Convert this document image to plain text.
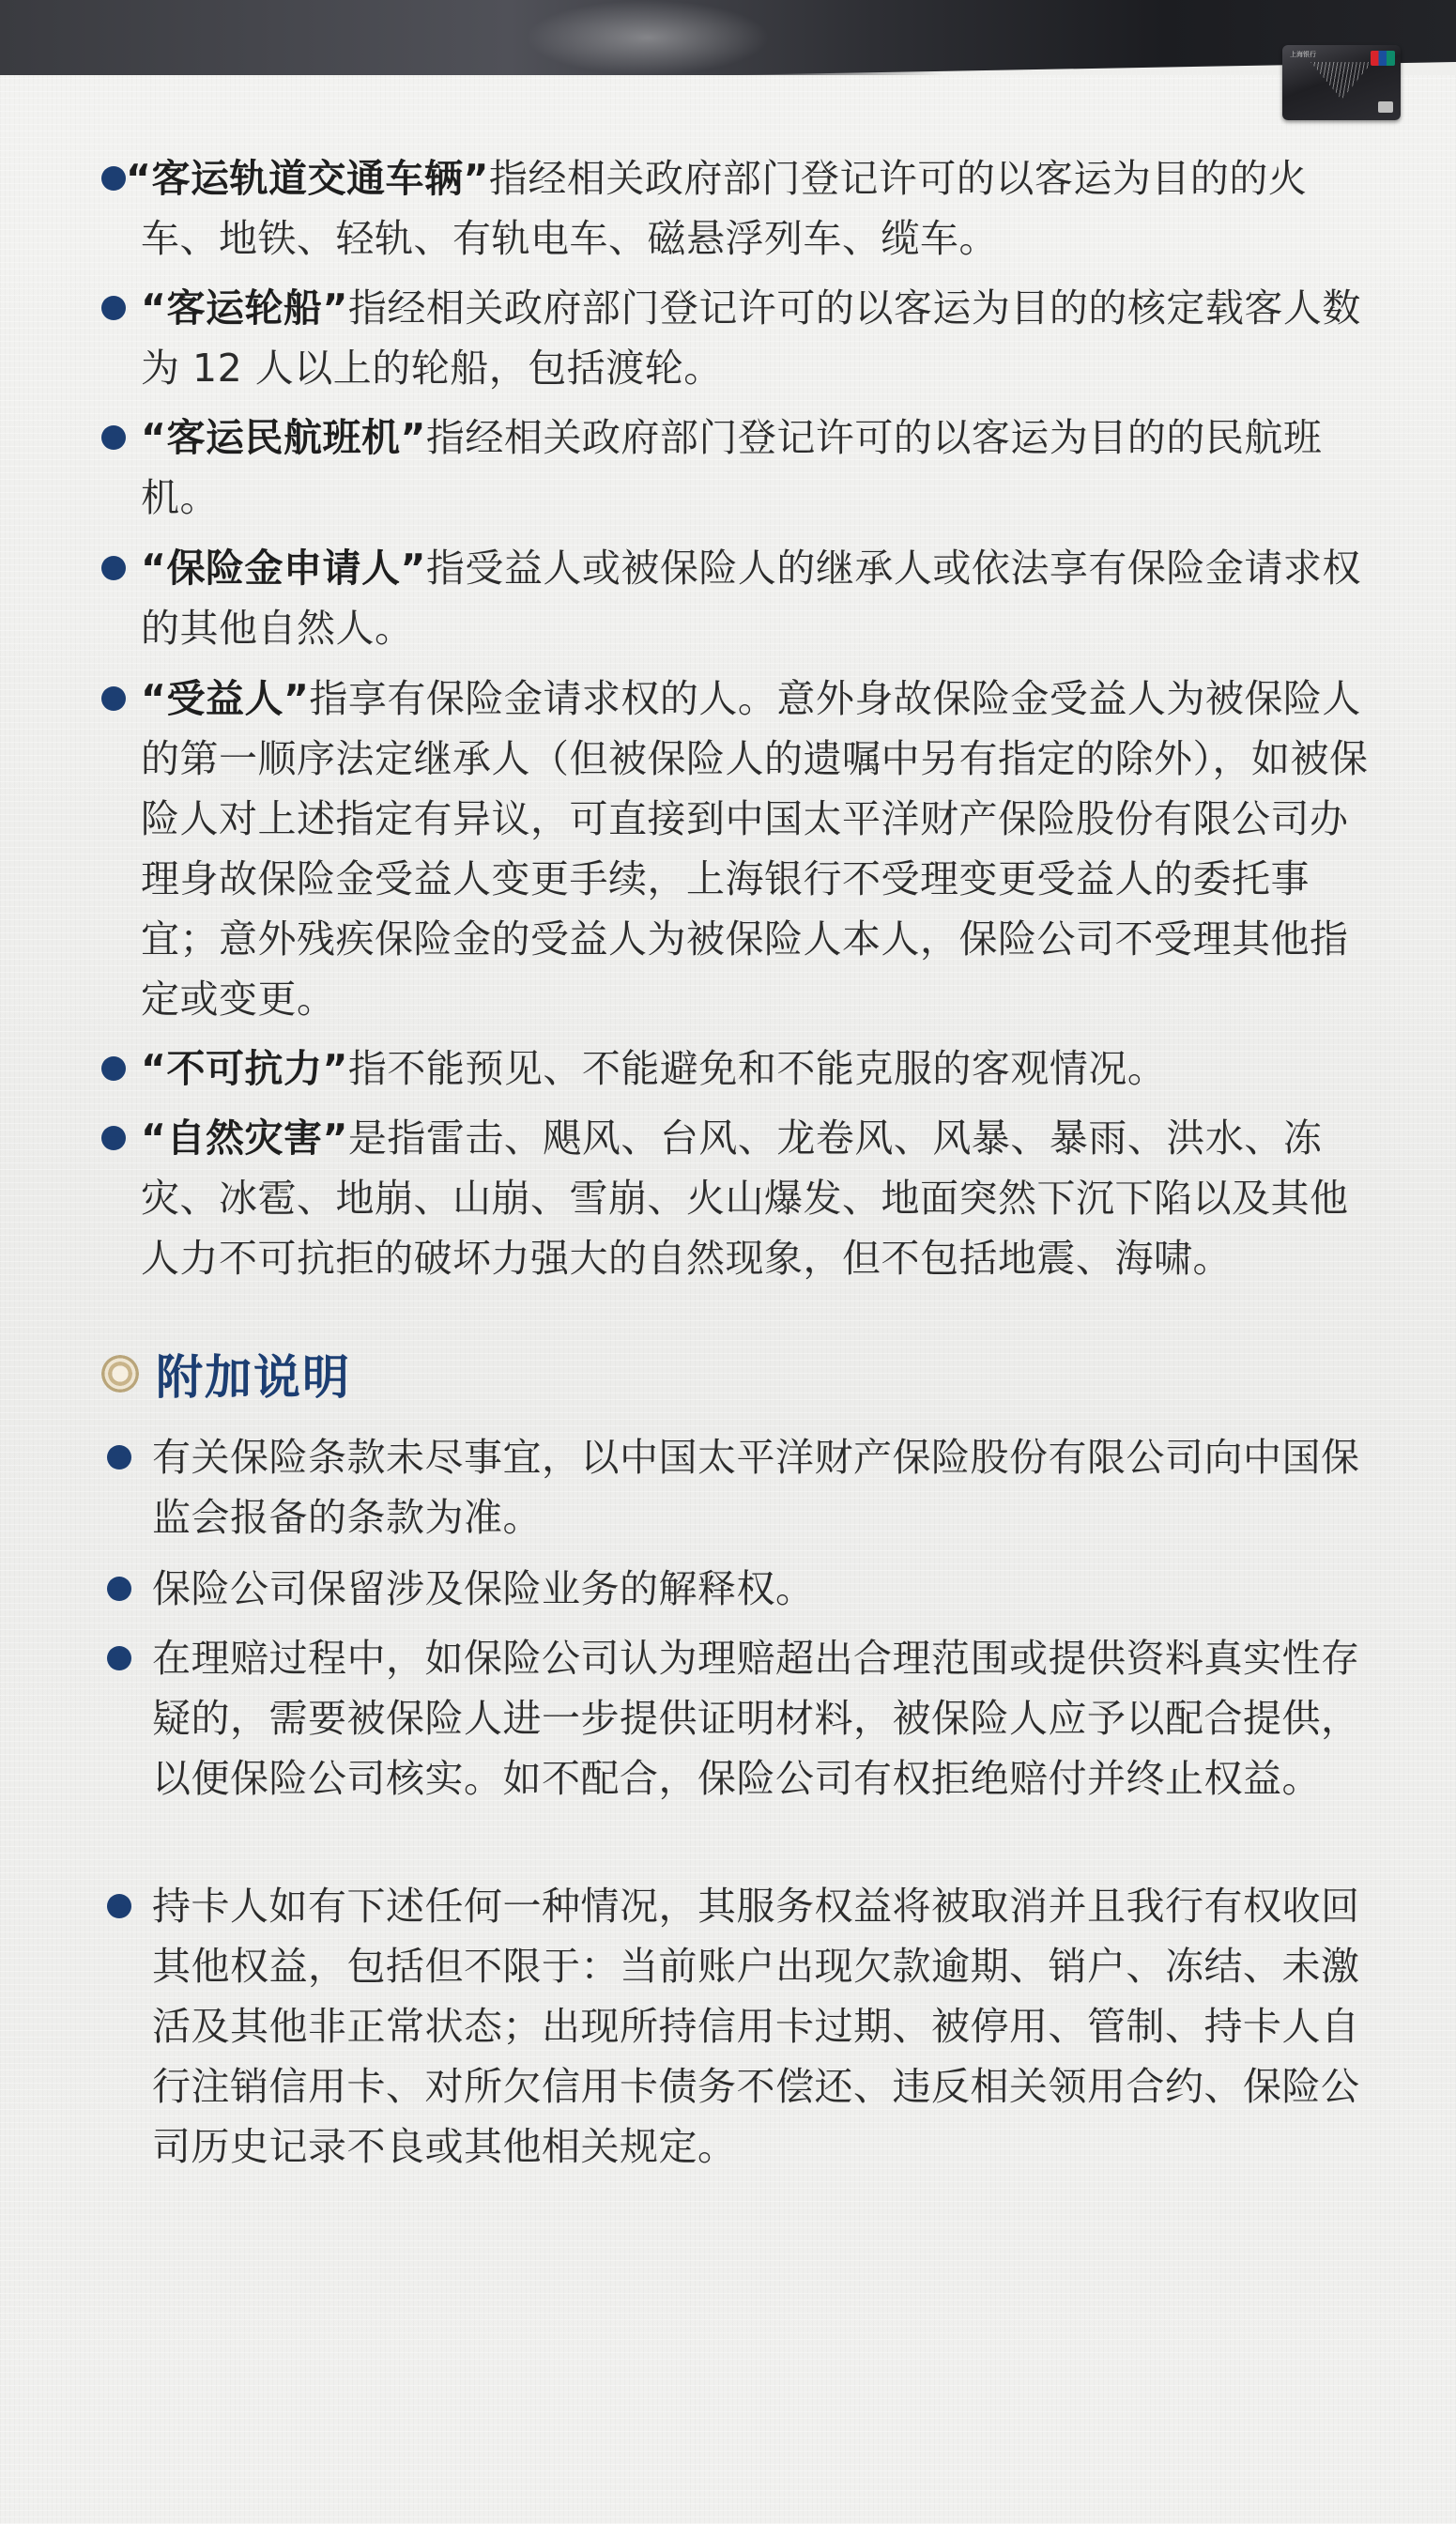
上海银行
“客运轨道交通车辆”指经相关政府部门登记许可的以客运为目的的火车、地铁、轻轨、有轨电车、磁悬浮列车、缆车。
“客运轮船”指经相关政府部门登记许可的以客运为目的的核定载客人数为 12 人以上的轮船，包括渡轮。
“客运民航班机”指经相关政府部门登记许可的以客运为目的的民航班机。
“保险金申请人”指受益人或被保险人的继承人或依法享有保险金请求权的其他自然人。
“受益人”指享有保险金请求权的人。意外身故保险金受益人为被保险人的第一顺序法定继承人（但被保险人的遗嘱中另有指定的除外），如被保险人对上述指定有异议，可直接到中国太平洋财产保险股份有限公司办理身故保险金受益人变更手续，上海银行不受理变更受益人的委托事宜；意外残疾保险金的受益人为被保险人本人，保险公司不受理其他指定或变更。
“不可抗力”指不能预见、不能避免和不能克服的客观情况。
“自然灾害”是指雷击、飓风、台风、龙卷风、风暴、暴雨、洪水、冻灾、冰雹、地崩、山崩、雪崩、火山爆发、地面突然下沉下陷以及其他人力不可抗拒的破坏力强大的自然现象，但不包括地震、海啸。
附加说明
有关保险条款未尽事宜，以中国太平洋财产保险股份有限公司向中国保监会报备的条款为准。
保险公司保留涉及保险业务的解释权。
在理赔过程中，如保险公司认为理赔超出合理范围或提供资料真实性存疑的，需要被保险人进一步提供证明材料，被保险人应予以配合提供，以便保险公司核实。如不配合，保险公司有权拒绝赔付并终止权益。
持卡人如有下述任何一种情况，其服务权益将被取消并且我行有权收回其他权益，包括但不限于：当前账户出现欠款逾期、销户、冻结、未激活及其他非正常状态；出现所持信用卡过期、被停用、管制、持卡人自行注销信用卡、对所欠信用卡债务不偿还、违反相关领用合约、保险公司历史记录不良或其他相关规定。
